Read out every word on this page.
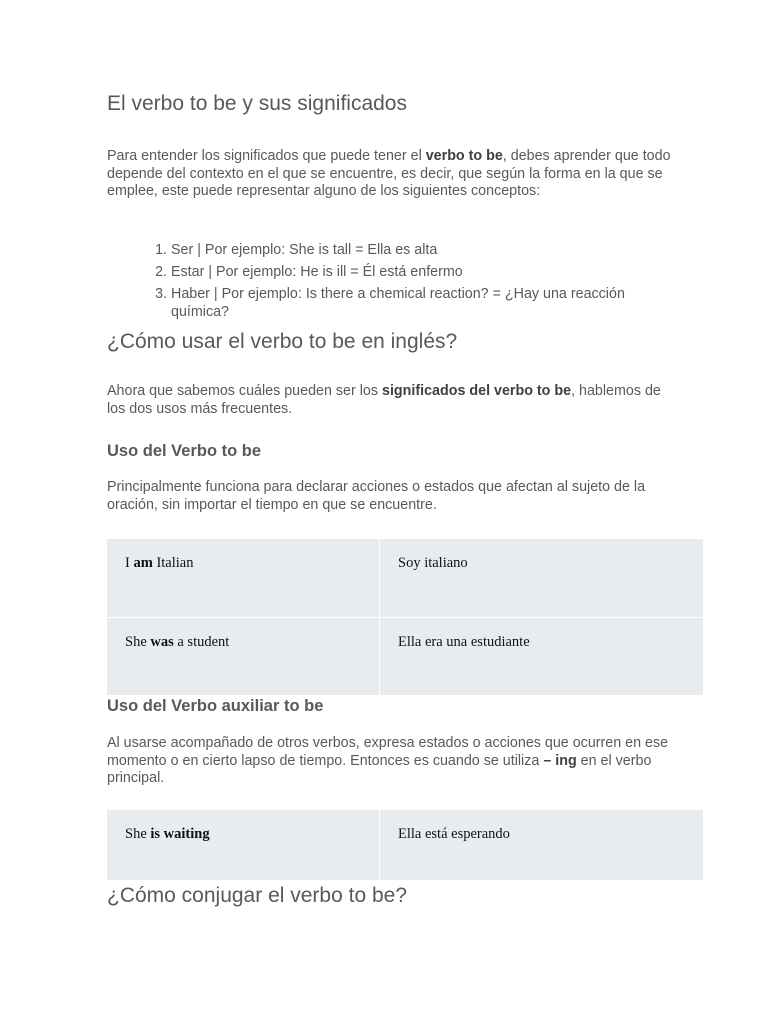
El verbo to be y sus significados

Para entender los significados que puede tener el verbo to be, debes aprender que todo depende del contexto en el que se encuentre, es decir, que según la forma en la que se emplee, este puede representar alguno de los siguientes conceptos:

1. Ser | Por ejemplo: She is tall = Ella es alta
2. Estar | Por ejemplo: He is ill = Él está enfermo
3. Haber | Por ejemplo: Is there a chemical reaction? = ¿Hay una reacción química?
¿Cómo usar el verbo to be en inglés?

Ahora que sabemos cuáles pueden ser los significados del verbo to be, hablemos de los dos usos más frecuentes.

Uso del Verbo to be

Principalmente funciona para declarar acciones o estados que afectan al sujeto de la oración, sin importar el tiempo en que se encuentre.

I am Italian	Soy italiano
She was a student	Ella era una estudiante
Uso del Verbo auxiliar to be

Al usarse acompañado de otros verbos, expresa estados o acciones que ocurren en ese momento o en cierto lapso de tiempo. Entonces es cuando se utiliza – ing en el verbo principal.

She is waiting	Ella está esperando
¿Cómo conjugar el verbo to be?
